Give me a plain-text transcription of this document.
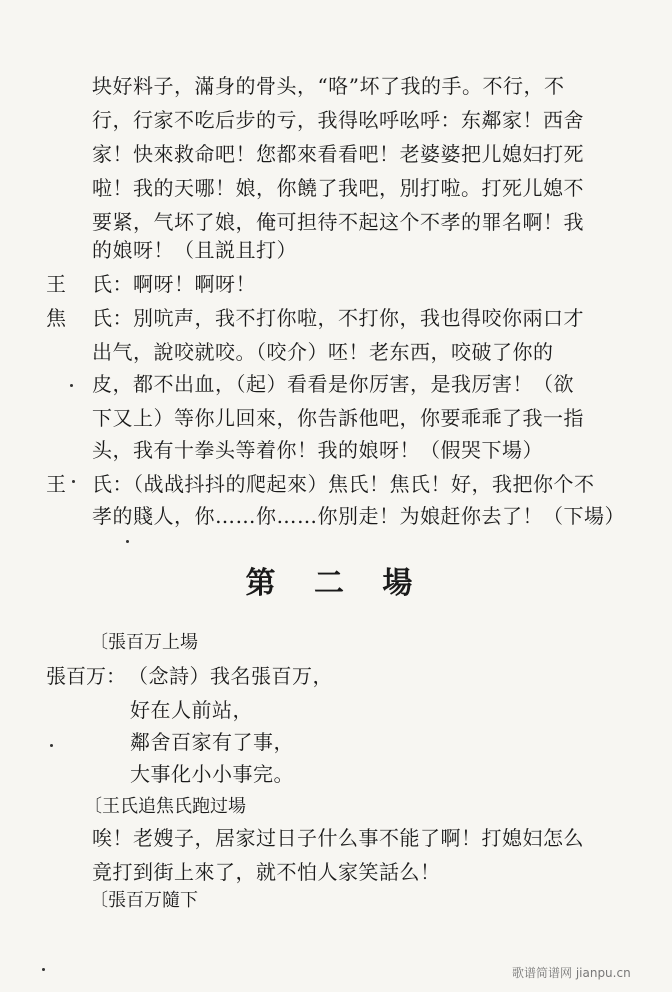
块好料子，滿身的骨头，“咯”坏了我的手。不行，不
行，行家不吃后步的亏，我得吆呼吆呼：东鄰家！西舍
家！快來救命吧！您都來看看吧！老婆婆把儿媳妇打死
啦！我的天哪！娘，你饒了我吧，別打啦。打死儿媳不
要紧，气坏了娘，俺可担待不起这个不孝的罪名啊！我
的娘呀！（且説且打）
王 氏：啊呀！啊呀！
焦 氏：別吭声，我不打你啦，不打你，我也得咬你兩口才
出气，說咬就咬。（咬介）呸！老东西，咬破了你的
皮，都不出血，（起）看看是你厉害，是我厉害！（欲
下又上）等你儿回來，你告訴他吧，你要乖乖了我一指
头，我有十拳头等着你！我的娘呀！（假哭下場）
王 氏：（战战抖抖的爬起來）焦氏！焦氏！好，我把你个不
孝的賤人，你……你……你別走！为娘赶你去了！（下場）
第 二 場
〔張百万上場
張百万： （念詩）我名張百万，
好在人前站，
鄰舍百家有了事，
大事化小小事完。
〔王氏追焦氏跑过場
唉！老嫂子，居家过日子什么事不能了啊！打媳妇怎么
竟打到街上來了，就不怕人家笑話么！
〔張百万隨下
歌谱简谱网 jianpu.cn
